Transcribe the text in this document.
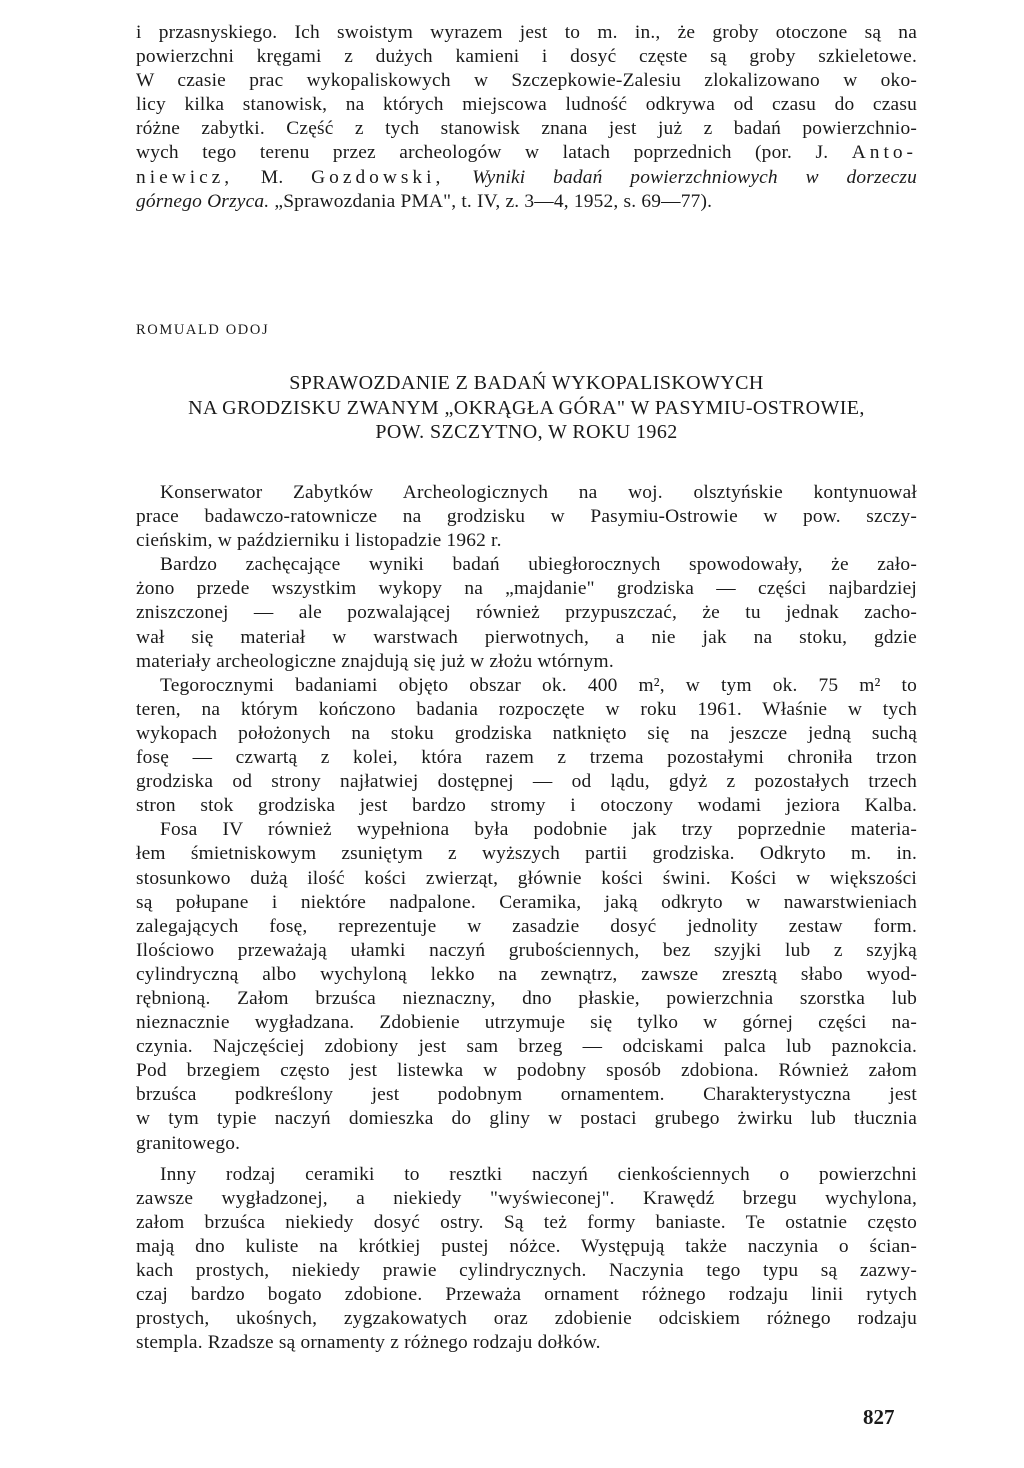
i przasnyskiego. Ich swoistym wyrazem jest to m. in., że groby otoczone są na
powierzchni kręgami z dużych kamieni i dosyć częste są groby szkieletowe.
W czasie prac wykopaliskowych w Szczepkowie-Zalesiu zlokalizowano w oko-
licy kilka stanowisk, na których miejscowa ludność odkrywa od czasu do czasu
różne zabytki. Część z tych stanowisk znana jest już z badań powierzchnio-
wych tego terenu przez archeologów w latach poprzednich (por. J. Anto-
niewicz, M. Gozdowski, Wyniki badań powierzchniowych w dorzeczu
górnego Orzyca. „Sprawozdania PMA", t. IV, z. 3—4, 1952, s. 69—77).
ROMUALD ODOJ
SPRAWOZDANIE Z BADAŃ WYKOPALISKOWYCH
NA GRODZISKU ZWANYM „OKRĄGŁA GÓRA" W PASYMIU-OSTROWIE,
POW. SZCZYTNO, W ROKU 1962
Konserwator Zabytków Archeologicznych na woj. olsztyńskie kontynuował
prace badawczo-ratownicze na grodzisku w Pasymiu-Ostrowie w pow. szczy-
cieńskim, w październiku i listopadzie 1962 r.
Bardzo zachęcające wyniki badań ubiegłorocznych spowodowały, że zało-
żono przede wszystkim wykopy na „majdanie" grodziska — części najbardziej
zniszczonej — ale pozwalającej również przypuszczać, że tu jednak zacho-
wał się materiał w warstwach pierwotnych, a nie jak na stoku, gdzie
materiały archeologiczne znajdują się już w złożu wtórnym.
Tegorocznymi badaniami objęto obszar ok. 400 m², w tym ok. 75 m² to
teren, na którym kończono badania rozpoczęte w roku 1961. Właśnie w tych
wykopach położonych na stoku grodziska natknięto się na jeszcze jedną suchą
fosę — czwartą z kolei, która razem z trzema pozostałymi chroniła trzon
grodziska od strony najłatwiej dostępnej — od lądu, gdyż z pozostałych trzech
stron stok grodziska jest bardzo stromy i otoczony wodami jeziora Kalba.
Fosa IV również wypełniona była podobnie jak trzy poprzednie materia-
łem śmietniskowym zsuniętym z wyższych partii grodziska. Odkryto m. in.
stosunkowo dużą ilość kości zwierząt, głównie kości świni. Kości w większości
są połupane i niektóre nadpalone. Ceramika, jaką odkryto w nawarstwieniach
zalegających fosę, reprezentuje w zasadzie dosyć jednolity zestaw form.
Ilościowo przeważają ułamki naczyń grubościennych, bez szyjki lub z szyjką
cylindryczną albo wychyloną lekko na zewnątrz, zawsze zresztą słabo wyod-
rębnioną. Załom brzuśca nieznaczny, dno płaskie, powierzchnia szorstka lub
nieznacznie wygładzana. Zdobienie utrzymuje się tylko w górnej części na-
czynia. Najczęściej zdobiony jest sam brzeg — odciskami palca lub paznokcia.
Pod brzegiem często jest listewka w podobny sposób zdobiona. Również załom
brzuśca podkreślony jest podobnym ornamentem. Charakterystyczna jest
w tym typie naczyń domieszka do gliny w postaci grubego żwirku lub tłucznia
granitowego.
Inny rodzaj ceramiki to resztki naczyń cienkościennych o powierzchni
zawsze wygładzonej, a niekiedy "wyświeconej". Krawędź brzegu wychylona,
załom brzuśca niekiedy dosyć ostry. Są też formy baniaste. Te ostatnie często
mają dno kuliste na krótkiej pustej nóżce. Występują także naczynia o ścian-
kach prostych, niekiedy prawie cylindrycznych. Naczynia tego typu są zazwy-
czaj bardzo bogato zdobione. Przeważa ornament różnego rodzaju linii rytych
prostych, ukośnych, zygzakowatych oraz zdobienie odciskiem różnego rodzaju
stempla. Rzadsze są ornamenty z różnego rodzaju dołków.
827
